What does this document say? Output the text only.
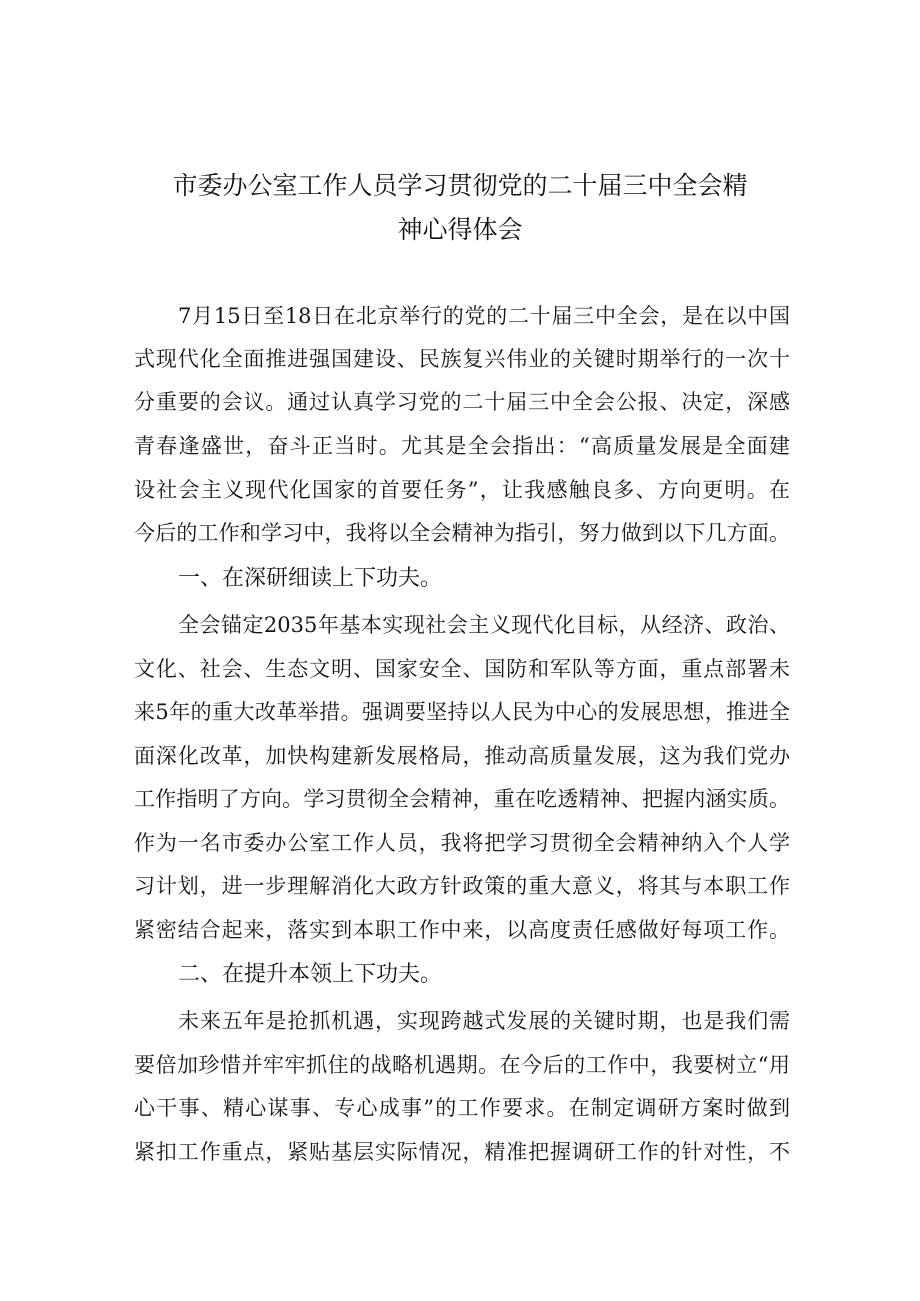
市委办公室工作人员学习贯彻党的二十届三中全会精
神心得体会
7月15日至18日在北京举行的党的二十届三中全会，是在以中国
式现代化全面推进强国建设、民族复兴伟业的关键时期举行的一次十
分重要的会议。通过认真学习党的二十届三中全会公报、决定，深感
青春逢盛世，奋斗正当时。尤其是全会指出：“高质量发展是全面建
设社会主义现代化国家的首要任务”，让我感触良多、方向更明。在
今后的工作和学习中，我将以全会精神为指引，努力做到以下几方面。
一、在深研细读上下功夫。
全会锚定2035年基本实现社会主义现代化目标，从经济、政治、
文化、社会、生态文明、国家安全、国防和军队等方面，重点部署未
来5年的重大改革举措。强调要坚持以人民为中心的发展思想，推进全
面深化改革，加快构建新发展格局，推动高质量发展，这为我们党办
工作指明了方向。学习贯彻全会精神，重在吃透精神、把握内涵实质。
作为一名市委办公室工作人员，我将把学习贯彻全会精神纳入个人学
习计划，进一步理解消化大政方针政策的重大意义，将其与本职工作
紧密结合起来，落实到本职工作中来，以高度责任感做好每项工作。
二、在提升本领上下功夫。
未来五年是抢抓机遇，实现跨越式发展的关键时期，也是我们需
要倍加珍惜并牢牢抓住的战略机遇期。在今后的工作中，我要树立“用
心干事、精心谋事、专心成事”的工作要求。在制定调研方案时做到
紧扣工作重点，紧贴基层实际情况，精准把握调研工作的针对性，不
